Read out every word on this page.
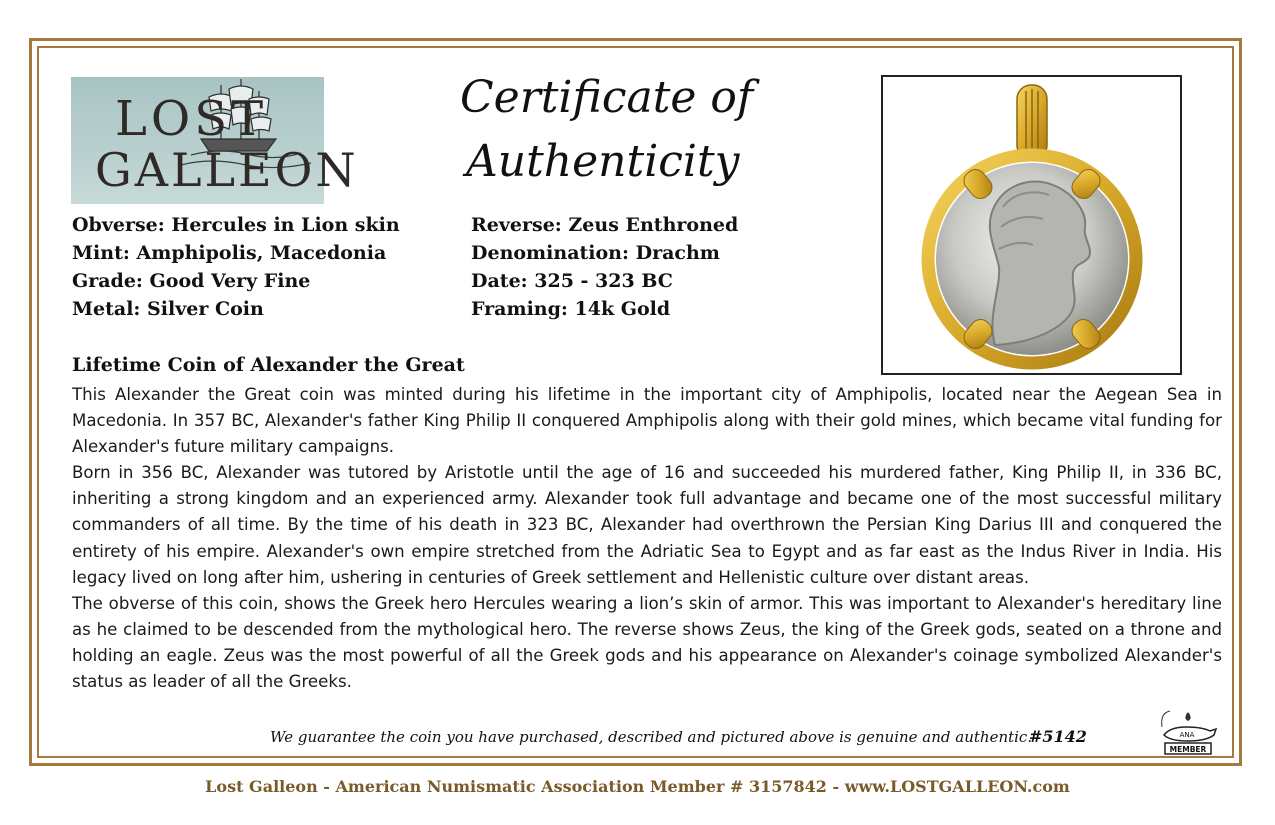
LOST
GALLEON
Certificate of
Authenticity
Obverse: Hercules in Lion skin
Mint: Amphipolis, Macedonia
Grade: Good Very Fine
Metal: Silver Coin
Reverse: Zeus Enthroned
Denomination: Drachm
Date: 325 - 323 BC
Framing: 14k Gold
Lifetime Coin of Alexander the Great

This Alexander the Great coin was minted during his lifetime in the important city of Amphipolis, located near the Aegean Sea in Macedonia. In 357 BC, Alexander's father King Philip II conquered Amphipolis along with their gold mines, which became vital funding for Alexander's future military campaigns.

Born in 356 BC, Alexander was tutored by Aristotle until the age of 16 and succeeded his murdered father, King Philip II, in 336 BC, inheriting a strong kingdom and an experienced army. Alexander took full advantage and became one of the most successful military commanders of all time. By the time of his death in 323 BC, Alexander had overthrown the Persian King Darius III and conquered the entirety of his empire. Alexander's own empire stretched from the Adriatic Sea to Egypt and as far east as the Indus River in India. His legacy lived on long after him, ushering in centuries of Greek settlement and Hellenistic culture over distant areas.

The obverse of this coin, shows the Greek hero Hercules wearing a lion’s skin of armor. This was important to Alexander's hereditary line as he claimed to be descended from the mythological hero. The reverse shows Zeus, the king of the Greek gods, seated on a throne and holding an eagle. Zeus was the most powerful of all the Greek gods and his appearance on Alexander's coinage symbolized Alexander's status as leader of all the Greeks.

We guarantee the coin you have purchased, described and pictured above is genuine and authentic.
#5142	ANA
MEMBER
Lost Galleon - American Numismatic Association Member # 3157842 - www.LOSTGALLEON.com
